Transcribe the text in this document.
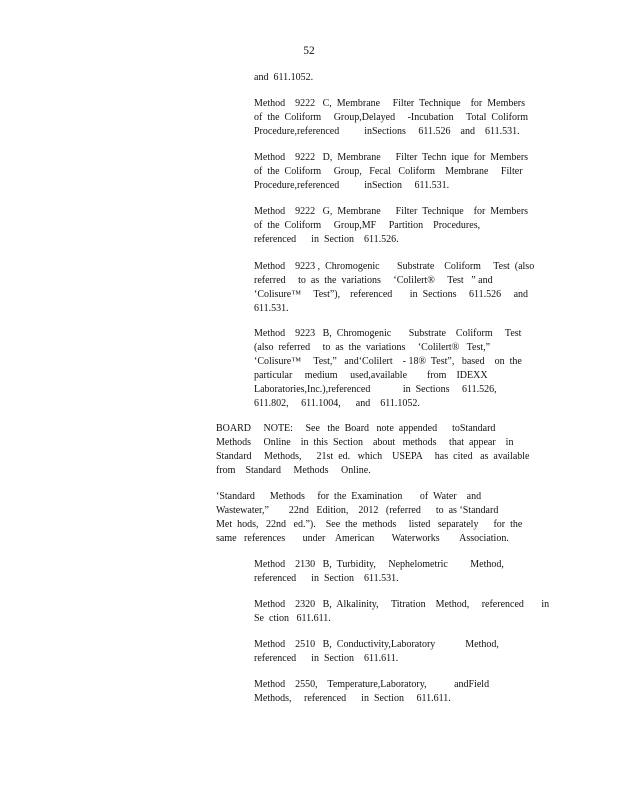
52
and  611.1052.
Method    9222   C,  Membrane     Filter  Technique    for  Members
of  the  Coliform     Group,Delayed     -Incubation     Total  Coliform
Procedure,referenced          inSections     611.526    and    611.531.
Method    9222   D,  Membrane      Filter  Techn  ique  for  Members
of  the  Coliform     Group,   Fecal   Coliform    Membrane     Filter
Procedure,referenced          inSection     611.531.
Method    9222   G,  Membrane      Filter  Technique    for  Members
of  the  Coliform     Group,MF     Partition    Procedures,
referenced      in  Section    611.526.
Method    9223 ,  Chromogenic       Substrate    Coliform     Test  (also
referred     to  as  the  variations     ‘Colilert®     Test   ” and
‘Colisure™     Test”),    referenced       in  Sections     611.526     and
611.531.
Method    9223   B,  Chromogenic       Substrate    Coliform     Test
(also  referred     to  as  the  variations     ‘Colilert®   Test,”
‘Colisure™     Test,”   and‘Colilert    - 18®  Test”,   based    on  the
particular     medium     used,available        from    IDEXX
Laboratories,Inc.),referenced             in  Sections     611.526,
611.802,     611.1004,      and    611.1052.
BOARD     NOTE:     See   the  Board   note  appended      toStandard
Methods     Online    in  this  Section    about   methods     that  appear    in
Standard     Methods,      21st  ed.   which    USEPA     has  cited   as  available
from    Standard     Methods     Online.
‘Standard      Methods     for  the  Examination       of  Water    and
Wastewater,”        22nd   Edition,    2012   (referred      to  as ‘Standard
Met  hods,   22nd   ed.”).    See  the  methods     listed   separately      for  the
same   references       under    American       Waterworks        Association.
Method    2130   B,  Turbidity,     Nephelometric         Method,
referenced      in  Section    611.531.
Method    2320   B,  Alkalinity,     Titration    Method,     referenced       in
Se  ction   611.611.
Method    2510   B,  Conductivity,Laboratory            Method,
referenced      in  Section    611.611.
Method    2550,    Temperature,Laboratory,           andField
Methods,     referenced      in  Section     611.611.
